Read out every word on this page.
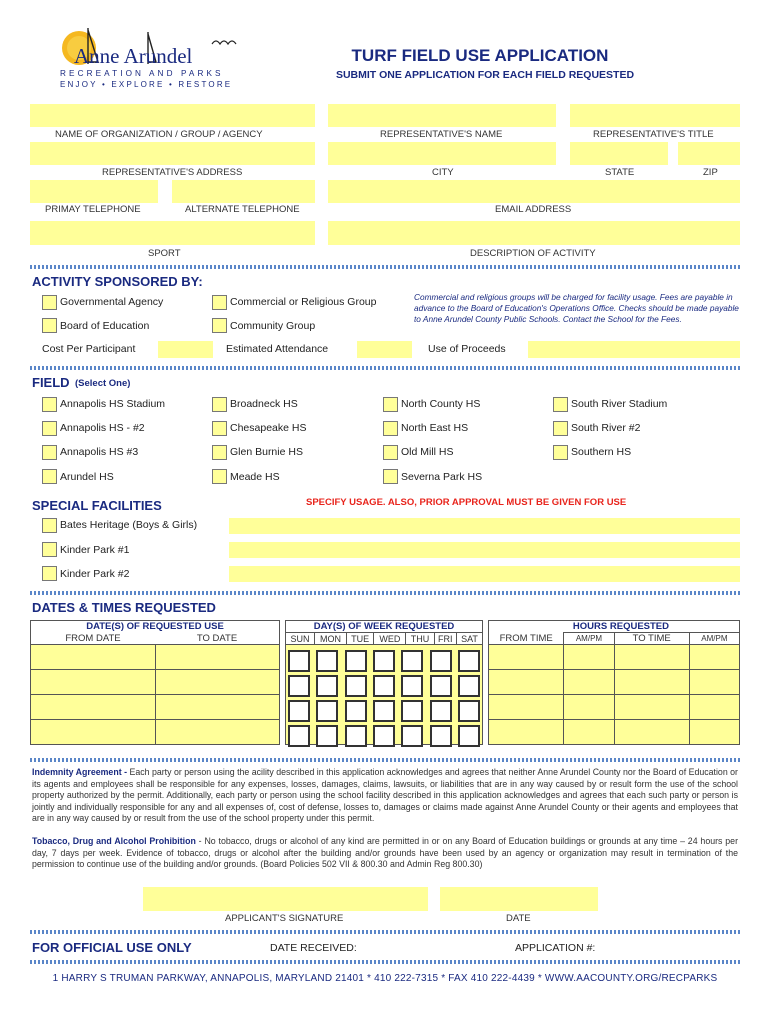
Anne Arundel
RECREATION AND PARKS
ENJOY • EXPLORE • RESTORE
TURF FIELD USE APPLICATION
SUBMIT ONE APPLICATION FOR EACH FIELD REQUESTED
NAME OF ORGANIZATION / GROUP / AGENCY	REPRESENTATIVE'S NAME	REPRESENTATIVE'S TITLE
REPRESENTATIVE'S ADDRESS	CITY	STATE	ZIP
PRIMAY TELEPHONE	ALTERNATE TELEPHONE	EMAIL ADDRESS
SPORT	DESCRIPTION OF ACTIVITY
ACTIVITY SPONSORED BY:
Governmental Agency	Commercial or Religious Group
Board of Education	Community Group
Commercial and religious groups will be charged for facility usage. Fees are payable in advance to the Board of Education's Operations Office. Checks should be made payable to Anne Arundel County Public Schools. Contact the School for the Fees.
Cost Per Participant	Estimated Attendance	Use of Proceeds
FIELD (Select One)
Annapolis HS Stadium	Broadneck HS	North County HS	South River Stadium
Annapolis HS - #2	Chesapeake HS	North East HS	South River #2
Annapolis HS #3	Glen Burnie HS	Old Mill HS	Southern HS
Arundel HS	Meade HS	Severna Park HS
SPECIAL FACILITIES	SPECIFY USAGE. ALSO, PRIOR APPROVAL MUST BE GIVEN FOR USE
Bates Heritage (Boys & Girls)
Kinder Park #1
Kinder Park #2
DATES & TIMES REQUESTED
DATE(S) OF REQUESTED USE	
FROM DATE	TO DATE

DAY(S) OF WEEK REQUESTED
SUN	MON	TUE	WED	THU	FRI	SAT

HOURS REQUESTED			
FROM TIME	AM/PM	TO TIME	AM/PM

Indemnity Agreement - Each party or person using the acility described in this application acknowledges and agrees that neither Anne Arundel County nor the Board of Education or its agents and employees shall be responsible for any expenses, losses, damages, claims, lawsuits, or liabilities that are in any way caused by or result form the use of the school property authorized by the permit. Additionally, each party or person using the school facility described in this application acknowledges and agrees that each such party or person is jointly and individually responsible for any and all expenses of, cost of defense, losses to, damages or claims made against Anne Arundel County or their agents and employees that are in any way caused by or result from the use of the school property under this permit.
Tobacco, Drug and Alcohol Prohibition - No tobacco, drugs or alcohol of any kind are permitted in or on any Board of Education buildings or grounds at any time – 24 hours per day, 7 days per week. Evidence of tobacco, drugs or alcohol after the building and/or grounds have been used by an agency or organization may result in termination of the permission to continue use of the building and/or grounds. (Board Policies 502 VII & 800.30 and Admin Reg 800.30)
APPLICANT'S SIGNATURE	DATE
FOR OFFICIAL USE ONLY	DATE RECEIVED:	APPLICATION #:
1 HARRY S TRUMAN PARKWAY, ANNAPOLIS, MARYLAND 21401 * 410 222-7315 * FAX 410 222-4439 * WWW.AACOUNTY.ORG/RECPARKS
